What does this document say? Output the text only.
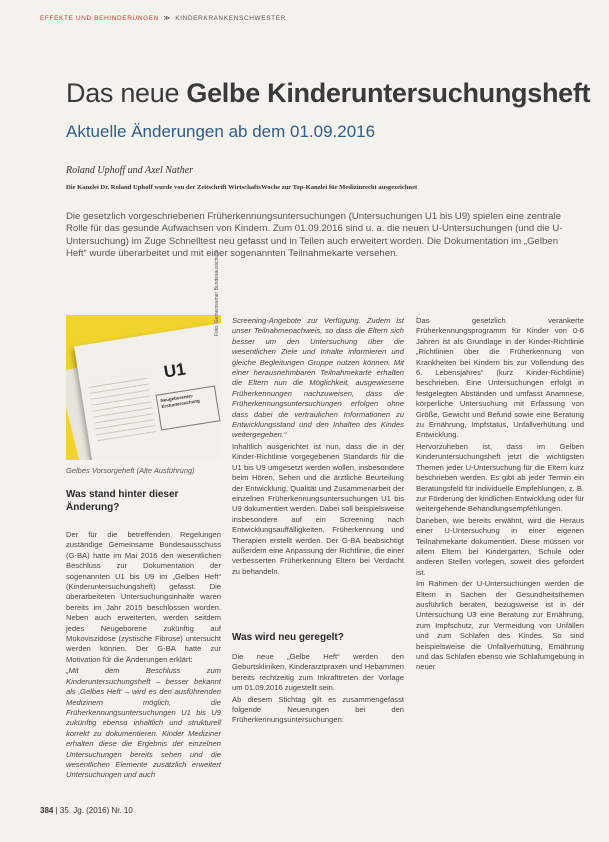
EFFEKTE UND BEHINDERUNGEN ≫ KINDERKRANKENSCHWESTER
Das neue Gelbe Kinderuntersuchungsheft
Aktuelle Änderungen ab dem 01.09.2016
Roland Uphoff und Axel Nather
Die Kanzlei Dr. Roland Uphoff wurde von der Zeitschrift WirtschaftsWoche zur Top-Kanzlei für Medizinrecht ausgezeichnet

Die gesetzlich vorgeschriebenen Früherkennungsuntersuchungen (Untersuchungen U1 bis U9) spielen eine zentrale Rolle für das gesunde Aufwachsen von Kindern. Zum 01.09.2016 sind u. a. die neuen U-Untersuchungen (und die U-Untersuchung) im Zuge Schnelltest neu gefasst und in Teilen auch erweitert worden. Die Dokumentation im „Gelben Heft“ wurde überarbeitet und mit einer sogenannten Teilnahmekarte versehen.

U1
Neugeborenen-Erstuntersuchung
Foto: Gemeinsamer Bundesausschuss
Gelbes Vorsorgeheft (Alte Ausführung)
Was stand hinter dieser Änderung?

Der für die betreffenden Regelungen zuständige Gemeinsame Bundesausschuss (G-BA) hatte im Mai 2016 den wesentlichen Beschluss zur Dokumentation der sogenannten U1 bis U9 im „Gelben Heft“ (Kinderuntersuchungsheft) gefasst. Die überarbeiteten Untersuchungsinhalte waren bereits im Jahr 2015 beschlossen worden. Neben auch erweiterten, werden seitdem jedes Neugeborene zukünftig auf Mukoviszidose (zystische Fibrose) untersucht werden können. Der G-BA hatte zur Motivation für die Änderungen erklärt:

„Mit dem Beschluss zum Kinderuntersuchungsheft – besser bekannt als ‚Gelbes Heft‘ – wird es den ausführenden Medizinern möglich, die Früherkennungsuntersuchungen U1 bis U9 zukünftig ebenso inhaltlich und strukturell korrekt zu dokumentieren. Kinder Mediziner erhalten diese die Ergebnis der einzelnen Untersuchungen bereits sehen und die wesentlichen Elemente zusätzlich erweitert Untersuchungen und auch

Screening-Angebote zur Verfügung. Zudem ist unser Teilnahmenachweis, so dass die Eltern sich besser um den Untersuchung über die wesentlichen Ziele und Inhalte informieren und gleiche Begleitungen Gruppe nutzen können. Mit einer herausnehmbaren Teilnahmekarte erhalten die Eltern nun die Möglichkeit, ausgewiesene Früherkennungen nachzuweisen, dass die Früherkennungsuntersuchungen erfolgen ohne dass dabei die vertraulichen Informationen zu Entwicklungsstand und den Inhalten des Kindes weitergegeben.“

Inhaltlich ausgerichtet ist nun, dass die in der Kinder-Richtlinie vorgegebenen Standards für die U1 bis U9 umgesetzt werden wollen, insbesondere beim Hören, Sehen und die ärztliche Beurteilung der Entwicklung, Qualität und Zusammenarbeit der einzelnen Früherkennungsuntersuchungen U1 bis U9 dokumentiert werden. Dabei soll beispielsweise insbesondere auf ein Screening nach Entwicklungsauffälligkeiten, Früherkennung und Therapien erstellt werden. Der G-BA beabsichtigt außerdem eine Anpassung der Richtlinie, die einer verbesserten Früherkennung Eltern bei Verdacht zu behandeln.

Was wird neu geregelt?

Die neue „Gelbe Heft“ werden den Geburtskliniken, Kinderarztpraxen und Hebammen bereits rechtzeitig zum Inkrafttreten der Vorlage um 01.09.2016 zugestellt sein.

Ab diesem Stichtag gilt es zusammengefasst folgende Neuerungen bei den Früherkennungsuntersuchungen:

Das gesetzlich verankerte Früherkennungsprogramm für Kinder von 0-6 Jahren ist als Grundlage in der Kinder-Richtlinie „Richtlinien über die Früherkennung von Krankheiten bei Kindern bis zur Vollendung des 6. Lebensjahres“ (kurz Kinder-Richtlinie) beschrieben. Eine Untersuchungen erfolgt in festgelegten Abständen und umfasst Anamnese, körperliche Untersuchung mit Erfassung von Größe, Gewicht und Befund sowie eine Beratung zu Ernährung, Impfstatus, Unfallverhütung und Entwicklung.

Hervorzuheben ist, dass im Gelben Kinderuntersuchungsheft jetzt die wichtigsten Themen jeder U-Untersuchung für die Eltern kurz beschrieben werden. Es gibt ab jeder Termin ein Beratungsfeld für individuelle Empfehlungen, z. B. zur Förderung der kindlichen Entwicklung oder für weitergehende Behandlungsempfehlungen.

Daneben, wie bereits erwähnt, wird die Heraus einer U-Untersuchung in einer eigenen Teilnahmekarte dokumentiert. Diese müssen vor allem Eltern bei Kindergarten, Schule oder anderen Stellen vorlegen, soweit dies gefordert ist.

Im Rahmen der U-Untersuchungen werden die Eltern in Sachen der Gesundheitsthemen ausführlich beraten, bezugsweise ist in der Untersuchung U3 eine Beratung zur Ernährung, zum Impfschutz, zur Vermeidung von Unfällen und zum Schlafen des Kindes. So sind beispielsweise die Unfallverhütung, Ernährung und das Schlafen ebenso wie Schlafumgebung in neuer

384 | 35. Jg. (2016) Nr. 10
